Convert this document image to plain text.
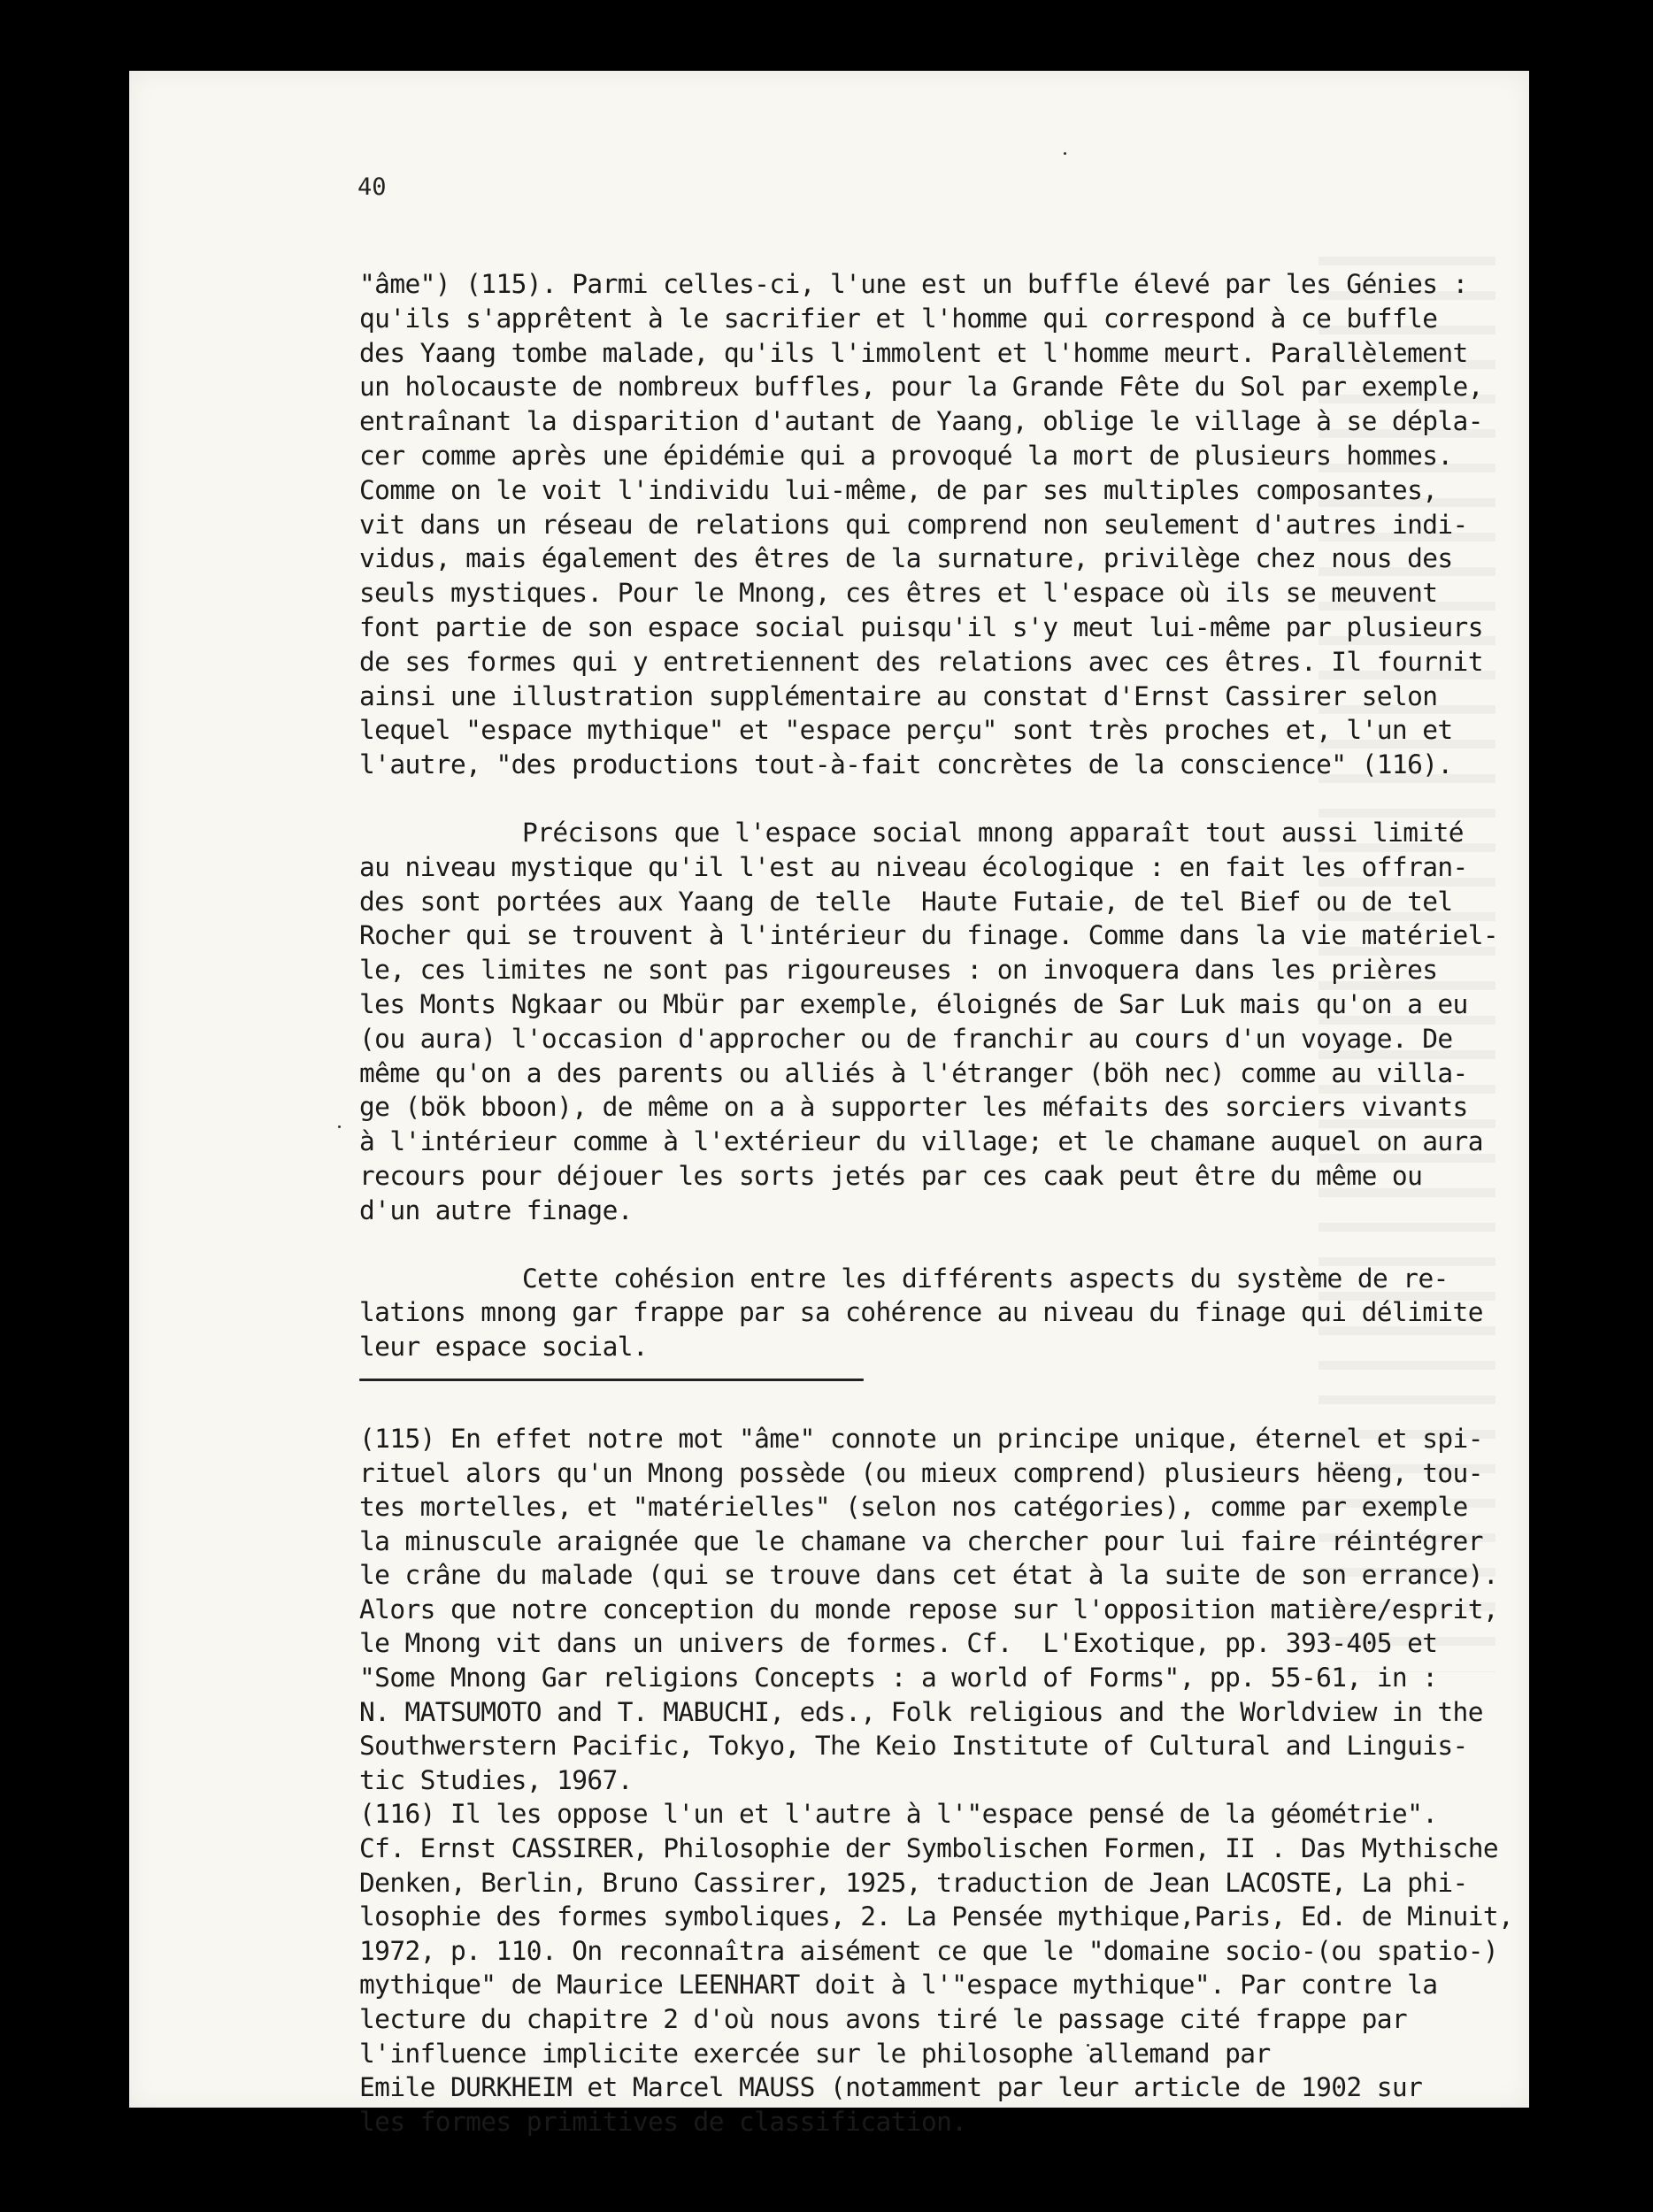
40
"âme") (115). Parmi celles-ci, l'une est un buffle élevé par les Génies :
qu'ils s'apprêtent à le sacrifier et l'homme qui correspond à ce buffle
des Yaang tombe malade, qu'ils l'immolent et l'homme meurt. Parallèlement
un holocauste de nombreux buffles, pour la Grande Fête du Sol par exemple,
entraînant la disparition d'autant de Yaang, oblige le village à se dépla-
cer comme après une épidémie qui a provoqué la mort de plusieurs hommes.
Comme on le voit l'individu lui-même, de par ses multiples composantes,
vit dans un réseau de relations qui comprend non seulement d'autres indi-
vidus, mais également des êtres de la surnature, privilège chez nous des
seuls mystiques. Pour le Mnong, ces êtres et l'espace où ils se meuvent
font partie de son espace social puisqu'il s'y meut lui-même par plusieurs
de ses formes qui y entretiennent des relations avec ces êtres. Il fournit
ainsi une illustration supplémentaire au constat d'Ernst Cassirer selon
lequel "espace mythique" et "espace perçu" sont très proches et, l'un et
l'autre, "des productions tout-à-fait concrètes de la conscience" (116).
Précisons que l'espace social mnong apparaît tout aussi limité
au niveau mystique qu'il l'est au niveau écologique : en fait les offran-
des sont portées aux Yaang de telle  Haute Futaie, de tel Bief ou de tel
Rocher qui se trouvent à l'intérieur du finage. Comme dans la vie matériel-
le, ces limites ne sont pas rigoureuses : on invoquera dans les prières
les Monts Ngkaar ou Mbür par exemple, éloignés de Sar Luk mais qu'on a eu
(ou aura) l'occasion d'approcher ou de franchir au cours d'un voyage. De
même qu'on a des parents ou alliés à l'étranger (böh nec) comme au villa-
ge (bök bboon), de même on a à supporter les méfaits des sorciers vivants
à l'intérieur comme à l'extérieur du village; et le chamane auquel on aura
recours pour déjouer les sorts jetés par ces caak peut être du même ou
d'un autre finage.
Cette cohésion entre les différents aspects du système de re-
lations mnong gar frappe par sa cohérence au niveau du finage qui délimite
leur espace social.
(115) En effet notre mot "âme" connote un principe unique, éternel et spi-
rituel alors qu'un Mnong possède (ou mieux comprend) plusieurs hëeng, tou-
tes mortelles, et "matérielles" (selon nos catégories), comme par exemple
la minuscule araignée que le chamane va chercher pour lui faire réintégrer
le crâne du malade (qui se trouve dans cet état à la suite de son errance).
Alors que notre conception du monde repose sur l'opposition matière/esprit,
le Mnong vit dans un univers de formes. Cf.  L'Exotique, pp. 393-405 et
"Some Mnong Gar religions Concepts : a world of Forms", pp. 55-61, in :
N. MATSUMOTO and T. MABUCHI, eds., Folk religious and the Worldview in the
Southwerstern Pacific, Tokyo, The Keio Institute of Cultural and Linguis-
tic Studies, 1967.
(116) Il les oppose l'un et l'autre à l'"espace pensé de la géométrie".
Cf. Ernst CASSIRER, Philosophie der Symbolischen Formen, II . Das Mythische
Denken, Berlin, Bruno Cassirer, 1925, traduction de Jean LACOSTE, La phi-
losophie des formes symboliques, 2. La Pensée mythique,Paris, Ed. de Minuit,
1972, p. 110. On reconnaîtra aisément ce que le "domaine socio-(ou spatio-)
mythique" de Maurice LEENHART doit à l'"espace mythique". Par contre la
lecture du chapitre 2 d'où nous avons tiré le passage cité frappe par
l'influence implicite exercée sur le philosophe allemand par
Emile DURKHEIM et Marcel MAUSS (notamment par leur article de 1902 sur
les formes primitives de classification.
